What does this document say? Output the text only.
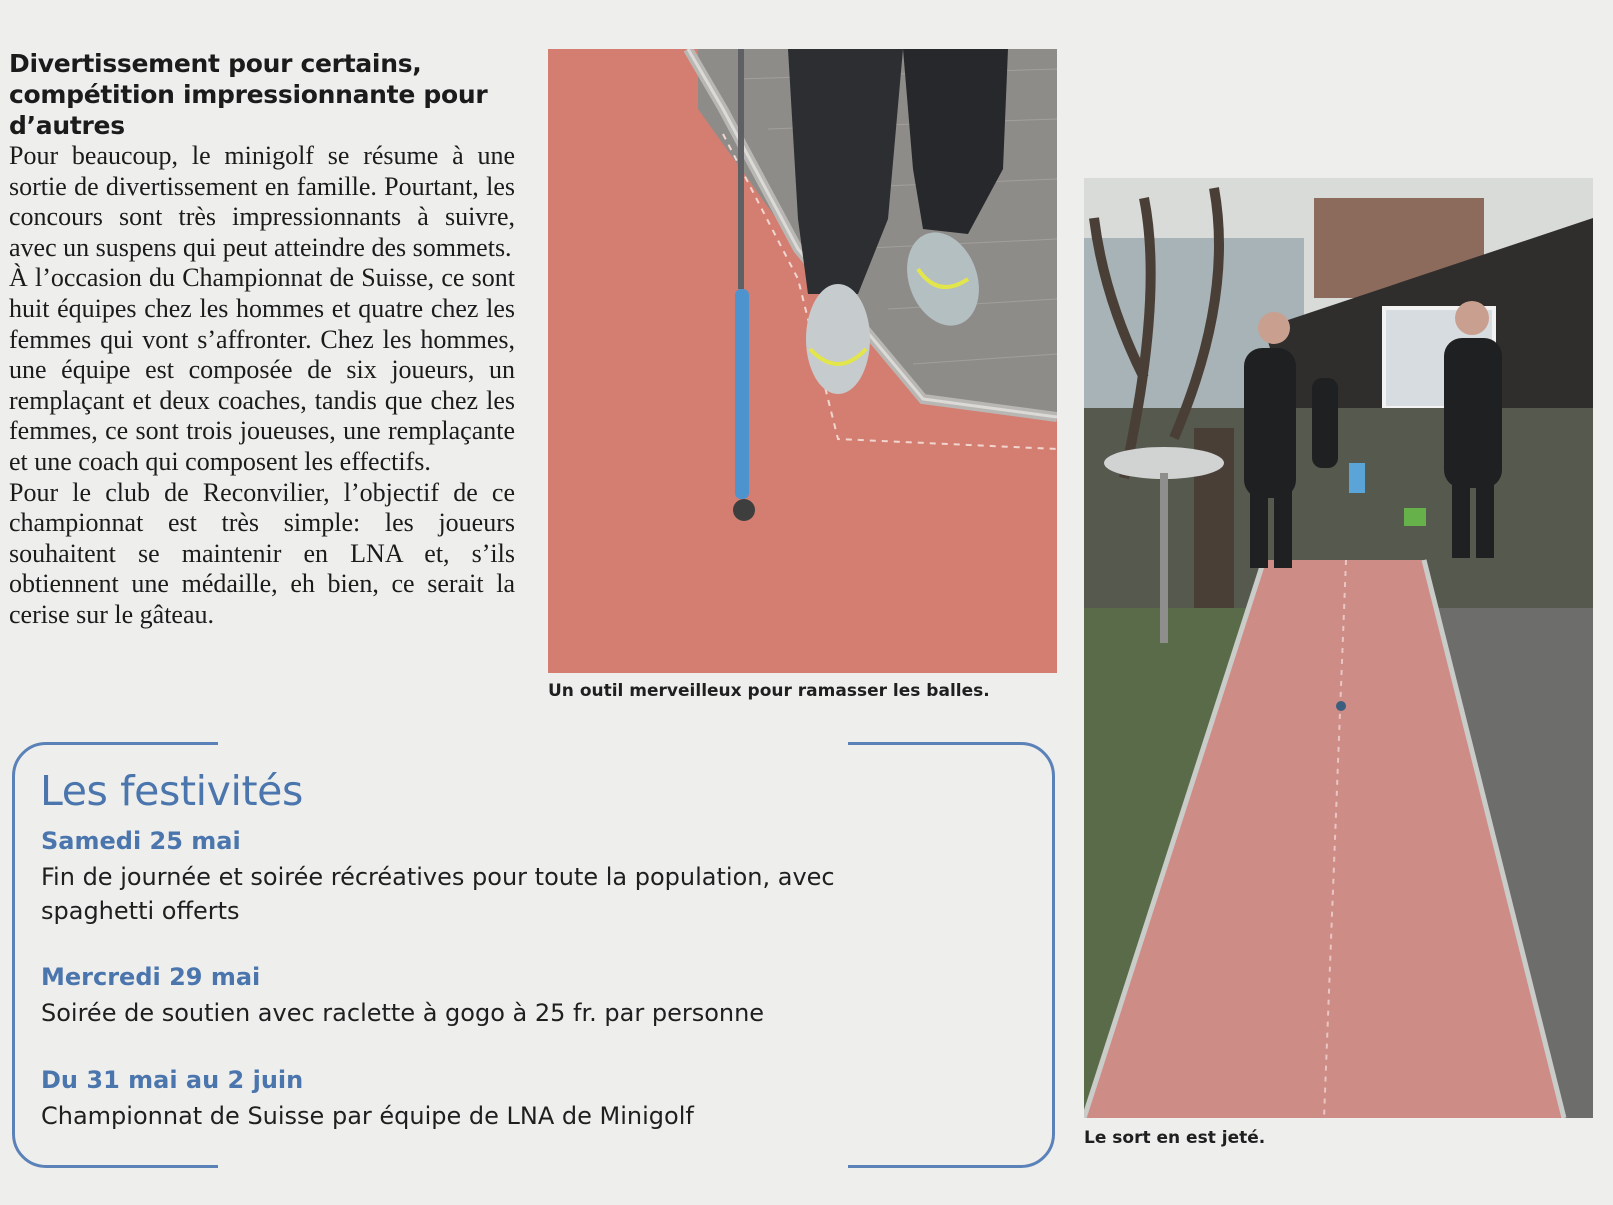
Divertissement pour certains, compétition impressionnante pour d’autres

Pour beaucoup, le minigolf se résume à une sortie de divertissement en famille. Pourtant, les concours sont très impressionnants à suivre, avec un suspens qui peut atteindre des sommets.

À l’occasion du Championnat de Suisse, ce sont huit équipes chez les hommes et quatre chez les femmes qui vont s’affronter. Chez les hommes, une équipe est composée de six joueurs, un remplaçant et deux coaches, tandis que chez les femmes, ce sont trois joueuses, une remplaçante et une coach qui composent les effectifs.

Pour le club de Reconvilier, l’objectif de ce championnat est très simple: les joueurs souhaitent se maintenir en LNA et, s’ils obtiennent une médaille, eh bien, ce serait la cerise sur le gâteau.

Un outil merveilleux pour ramasser les balles.

Le sort en est jeté.

Les festivités

Samedi 25 mai

Fin de journée et soirée récréatives pour toute la population, avec spaghetti offerts

Mercredi 29 mai

Soirée de soutien avec raclette à gogo à 25 fr. par personne

Du 31 mai au 2 juin

Championnat de Suisse par équipe de LNA de Minigolf
